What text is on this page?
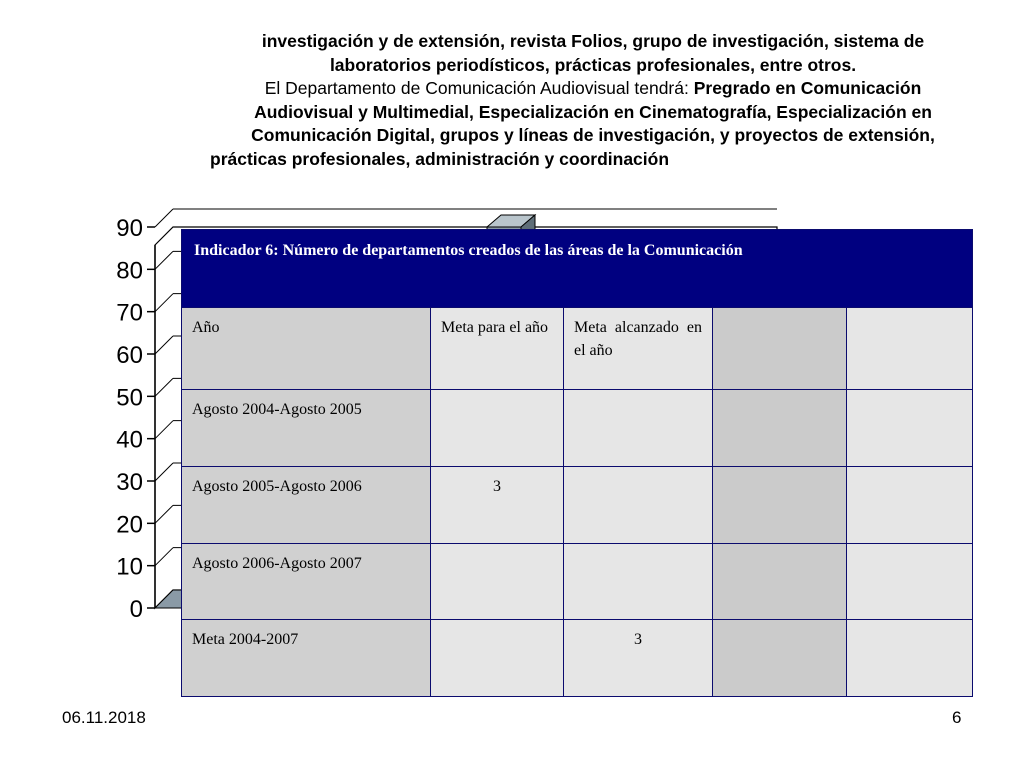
investigación y de extensión, revista Folios, grupo de investigación, sistema de
laboratorios periodísticos, prácticas profesionales, entre otros.
El Departamento de Comunicación Audiovisual tendrá: Pregrado en Comunicación
Audiovisual y Multimedial, Especialización en Cinematografía, Especialización en
Comunicación Digital, grupos y líneas de investigación, y proyectos de extensión,
prácticas profesionales, administración y coordinación
90
80
70
60
50
40
30
20
10
0
Indicador 6: Número de departamentos creados de las áreas de la Comunicación				
Año	Meta para el año	Meta alcanzado en el año		
Agosto 2004-Agosto 2005				
Agosto 2005-Agosto 2006	3			
Agosto 2006-Agosto 2007				
Meta 2004-2007		3		
06.11.2018	6
